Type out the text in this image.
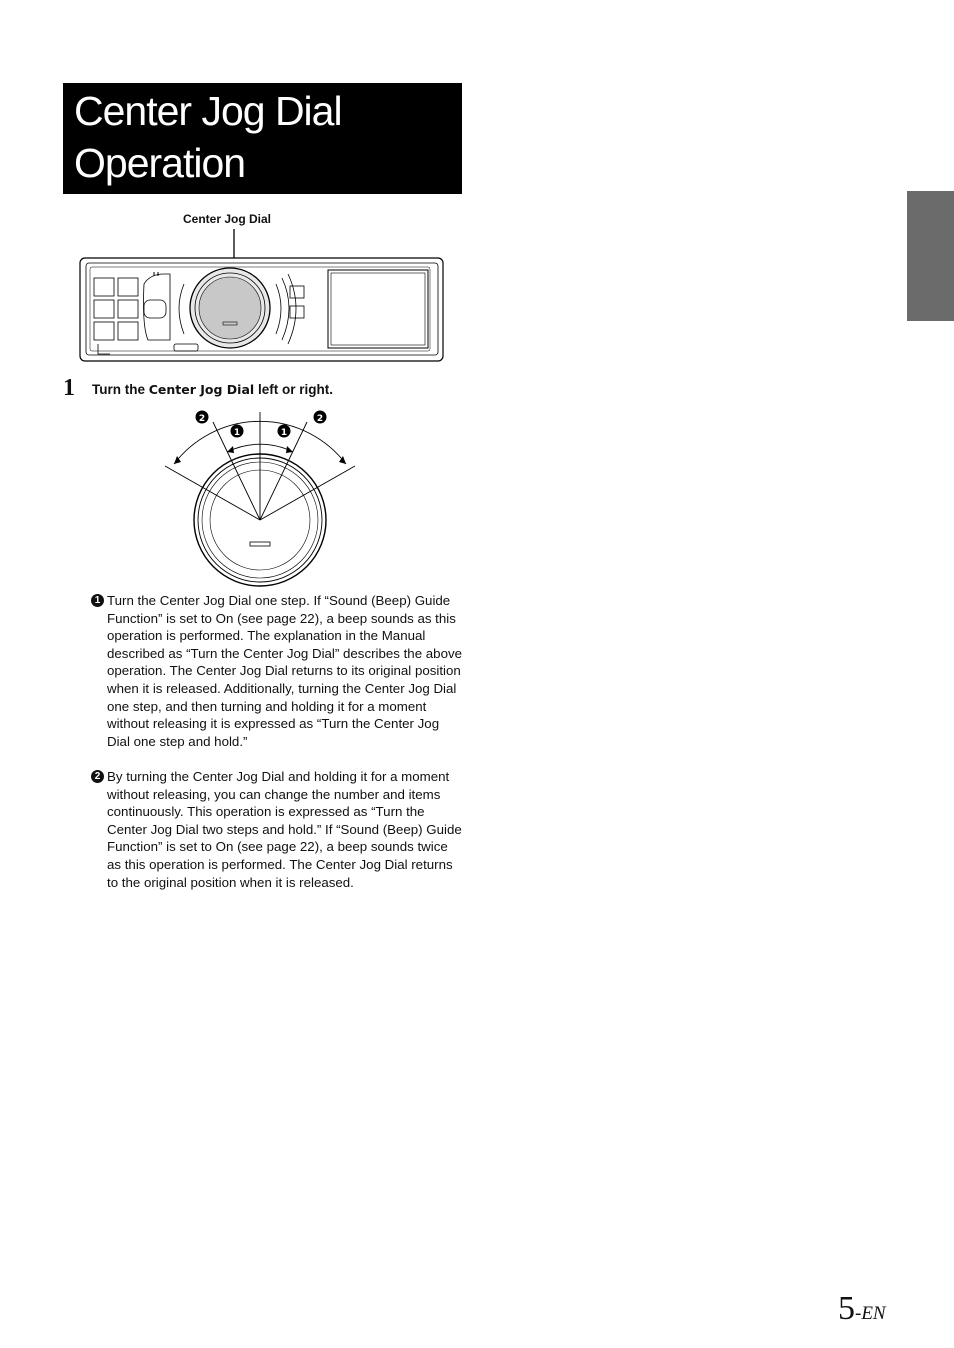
Center Jog Dial Operation
Center Jog Dial
1 Turn the Center Jog Dial left or right.
2
1	1
2
1 Turn the Center Jog Dial one step. If “Sound (Beep) Guide Function” is set to On (see page 22), a beep sounds as this operation is performed. The explanation in the Manual described as “Turn the Center Jog Dial” describes the above operation. The Center Jog Dial returns to its original position when it is released. Additionally, turning the Center Jog Dial one step, and then turning and holding it for a moment without releasing it is expressed as “Turn the Center Jog Dial one step and hold.”
2 By turning the Center Jog Dial and holding it for a moment without releasing, you can change the number and items continuously. This operation is expressed as “Turn the Center Jog Dial two steps and hold.” If “Sound (Beep) Guide Function” is set to On (see page 22), a beep sounds twice as this operation is performed. The Center Jog Dial returns to the original position when it is released.
5-EN
